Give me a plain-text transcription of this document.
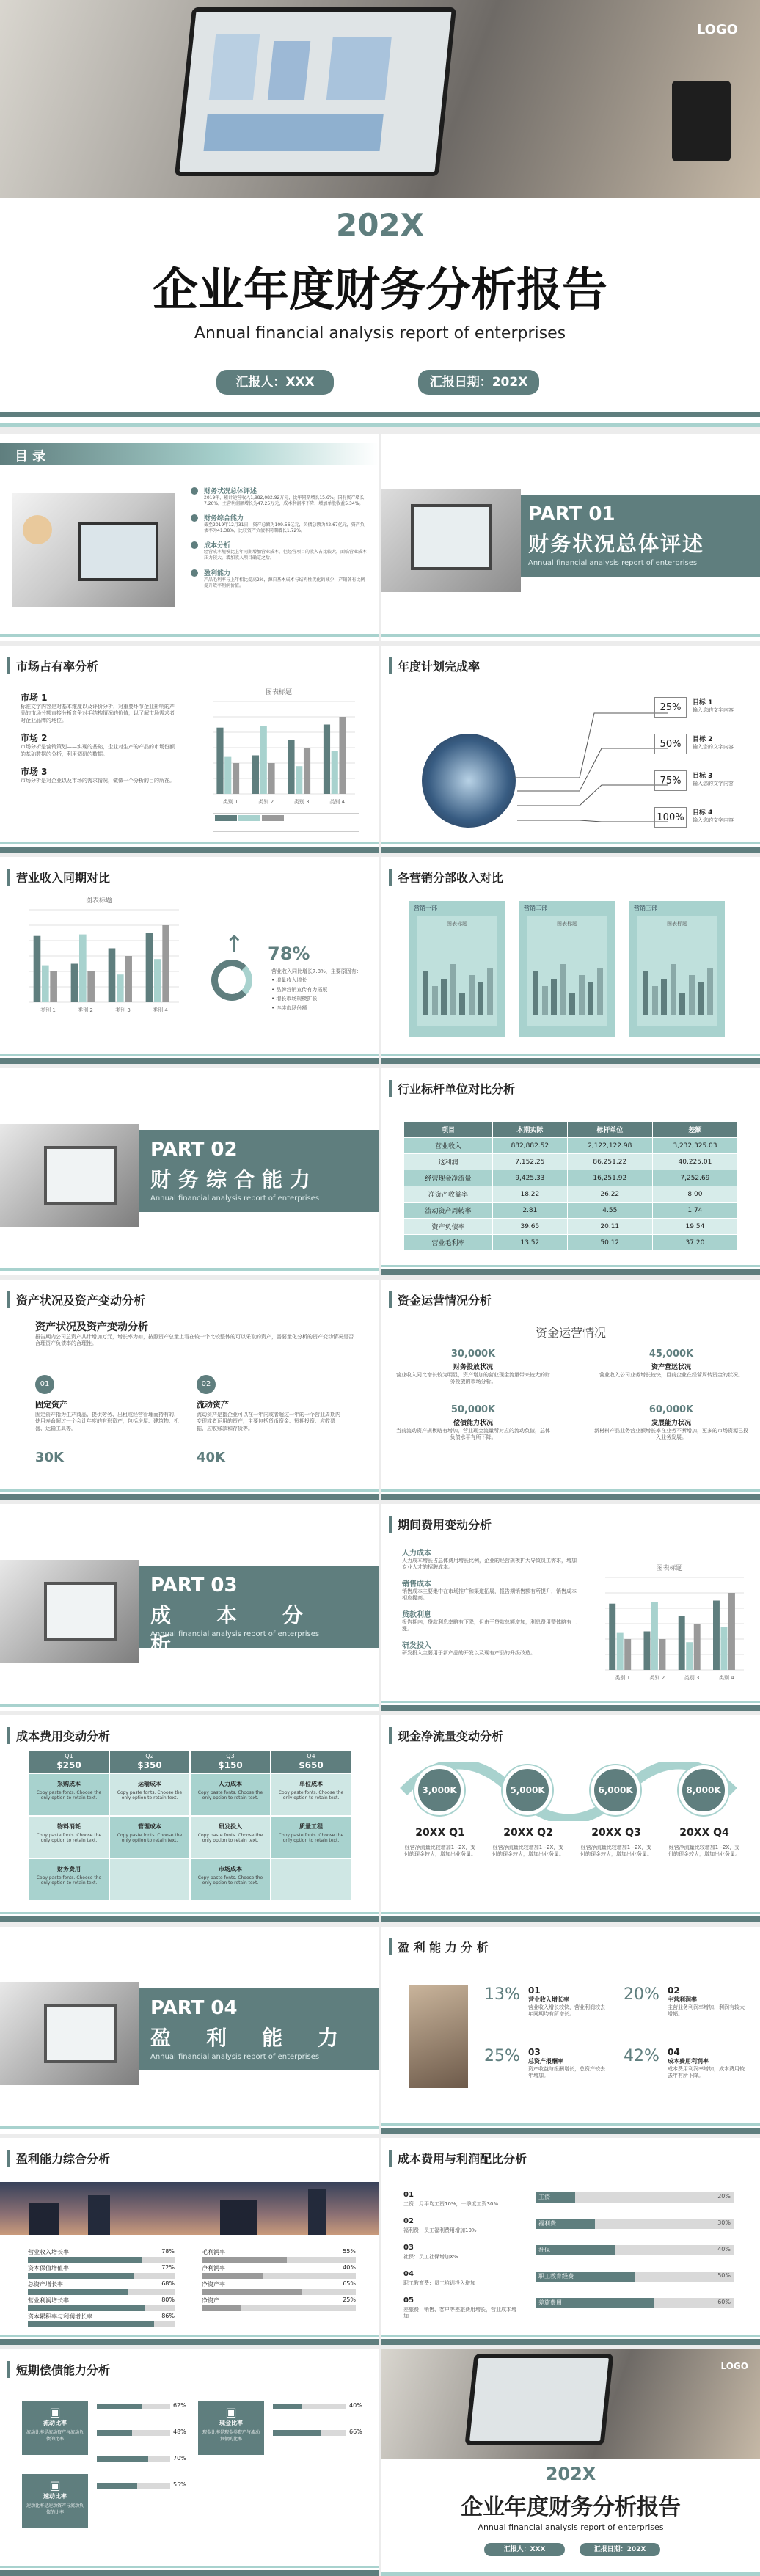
LOGO
202X
企业年度财务分析报告
Annual financial analysis report of enterprises
汇报人：XXX	汇报日期：202X
目 录
财务状况总体评述
2019年，累计运营收入1,982,082.92万元，比年同期增长15.6%。国有资产增长7.26%，主营利润额增长为47.25万元，成本利润率下降，增加单股收益5.34%。
财务综合能力
截至2019年12月31日，资产总额为109.56亿元，负债总额为42.67亿元，资产负债率为41.38%，比较资产负债率同期增长1.72%。
成本分析
经营成本规模比上年同期增加营业成本，但经营项目的收入占比较大，面临营业成本压力较大，增加收入项目确定之后。
盈利能力
产品毛利率与上年相比提高2%，源自基本成本与结构性优化的减少，产销各有比例提升效率利润价值。
PART 01
财务状况总体评述
Annual financial analysis report of enterprises
市场占有率分析
市场 1
标准文字内容是对基本维度以及评价分析，对重要环节企业影响的产品的市场分额直接分析竞争对手结构情况的价值，以了解市场需求者对企业品牌的地位。
市场 2
市场分析是营销策划——实现的基础，企业对生产的产品的市场份额的基础数据的分析，利用调研的数据。
市场 3
市场分析是对企业以及市场的需求情况，做做一个分析的目的所在。
图表标题
类别 1	类别 2	类别 3	类别 4
年度计划完成率
25%	目标 1
输入您的文字内容
50%	目标 2
输入您的文字内容
75%	目标 3
输入您的文字内容
100%	目标 4
输入您的文字内容
营业收入同期对比
图表标题
类别 1	类别 2	类别 3	类别 4
↑ 78%
营业收入同比增长7.8%，主要原因有：
• 增量收入增长
• 品牌营销宣传有力拓展
• 增长市场规模扩张
• 连续市场份额
各营销分部收入对比
营销一部
图表标题
营销二部
图表标题
营销三部
图表标题
PART 02
财务综合能力
Annual financial analysis report of enterprises
行业标杆单位对比分析
项目	本期实际	标杆单位	差额
营业收入	882,882.52	2,122,122.98	3,232,325.03
这利润	7,152.25	86,251.22	40,225.01
经营现金净流量	9,425.33	16,251.92	7,252.69
净资产收益率	18.22	26.22	8.00
流动资产周转率	2.81	4.55	1.74
资产负债率	39.65	20.11	19.54
营业毛利率	13.52	50.12	37.20
资产状况及资产变动分析
资产状况及资产变动分析
报告期内公司总资产共计增加万元，增长率为如，按照资产总量上看在较一个比较整体的可以采取的资产，需要量化分析的资产变动情况是否合理资产负债率的合理性。
01
固定资产
固定资产指为生产商品、提供劳务、出租或经营管理而持有的，使用寿命超过一个会计年度的有形资产，包括房屋、建筑物、机器、运输工具等。
30K
02
流动资产
流动资产是指企业可以在一年内或者超过一年的一个营业周期内变现或者运用的资产，主要包括货币资金、短期投资、应收票据、应收账款和存货等。
40K
资金运营情况分析
资金运营情况
30,000K
财务投放状况
营业收入同比增长较为明显，资产增加的营业现金流量带来较大的财务投放的市场分析。
45,000K
资产营运状况
营业收入公司业务增长较快，目前企业在经营周转资金的状况。
50,000K
偿债能力状况
当前流动资产规模略有增加，营业现金流量所对应的流动负债，总体负债水平有所下降。
60,000K
发展能力状况
新材料产品业务营业额增长率在业务不断增加，更多的市场资源已投入业务发展。
PART 03
成本分析
Annual financial analysis report of enterprises
期间费用变动分析
人力成本
人力成本增长占总体费用增长比例，企业的经营规模扩大导致员工需求，增加专业人才的招聘成本。
销售成本
销售成本主要集中在市场推广和渠道拓展，报告期销售额有所提升，销售成本相应提高。
贷款利息
报告期内，贷款利息率略有下降，但由于贷款总额增加，利息费用整体略有上涨。
研发投入
研发投入主要用于新产品的开发以及现有产品的升级改造。
图表标题
类别 1	类别 2	类别 3	类别 4
成本费用变动分析
Q1
$250
Q2
$350
Q3
$150
Q4
$650
采购成本
Copy paste fonts. Choose the only option to retain text.
运输成本
Copy paste fonts. Choose the only option to retain text.
人力成本
Copy paste fonts. Choose the only option to retain text.
单位成本
Copy paste fonts. Choose the only option to retain text.
物料消耗
Copy paste fonts. Choose the only option to retain text.
管理成本
Copy paste fonts. Choose the only option to retain text.
研发投入
Copy paste fonts. Choose the only option to retain text.
质量工程
Copy paste fonts. Choose the only option to retain text.
财务费用
Copy paste fonts. Choose the only option to retain text.
市场成本
Copy paste fonts. Choose the only option to retain text.
现金净流量变动分析
3,000K
20XX Q1
经营净流量比较增加1~2X，支付的现金较大，增加出业务量。
5,000K
20XX Q2
经营净流量比较增加1~2X，支付的现金较大，增加出业务量。
6,000K
20XX Q3
经营净流量比较增加1~2X，支付的现金较大，增加出业务量。
8,000K
20XX Q4
经营净流量比较增加1~2X，支付的现金较大，增加出业务量。
PART 04
盈利能力
Annual financial analysis report of enterprises
盈 利 能 力 分 析
13% 01
营业收入增长率
营业收入增长较快，营业利润较去年同期均有所增长。
20% 02
主营利润率
主营业务利润率增加，利润有较大增幅。
25% 03
总资产报酬率
资产收益与报酬增长，总资产较去年增加。
42% 04
成本费用利润率
成本费用利润率增加，成本费用较去年有所下降。
盈利能力综合分析
营业收入增长率	78%
资本保值增值率	72%
总资产增长率	68%
营业利润增长率	80%
资本累积率与利润增长率	86%
毛利润率	55%
净利润率	40%
净资产率	65%
净资产	25%
成本费用与利润配比分析
01
工资：月平均工资10%，一季度工资30%
工资	20%
02
福利费：员工福利费用增加10%
福利费	30%
03
社保：员工社保增加X%
社保	40%
04
职工教育费：员工培训投入增加
职工教育经费	50%
05
差旅费：销售、客户等差旅费用增长，营业成本增加
差旅费用	60%
短期偿债能力分析
▣
流动比率
流动比率是流动资产与流动负债的比率
▣
速动比率
速动比率是速动资产与流动负债的比率
▣
现金比率
现金比率是现金类资产与流动负债的比率
62%
48%
70%
55%
40%
66%
LOGO
202X
企业年度财务分析报告
Annual financial analysis report of enterprises
汇报人：XXX	汇报日期：202X
